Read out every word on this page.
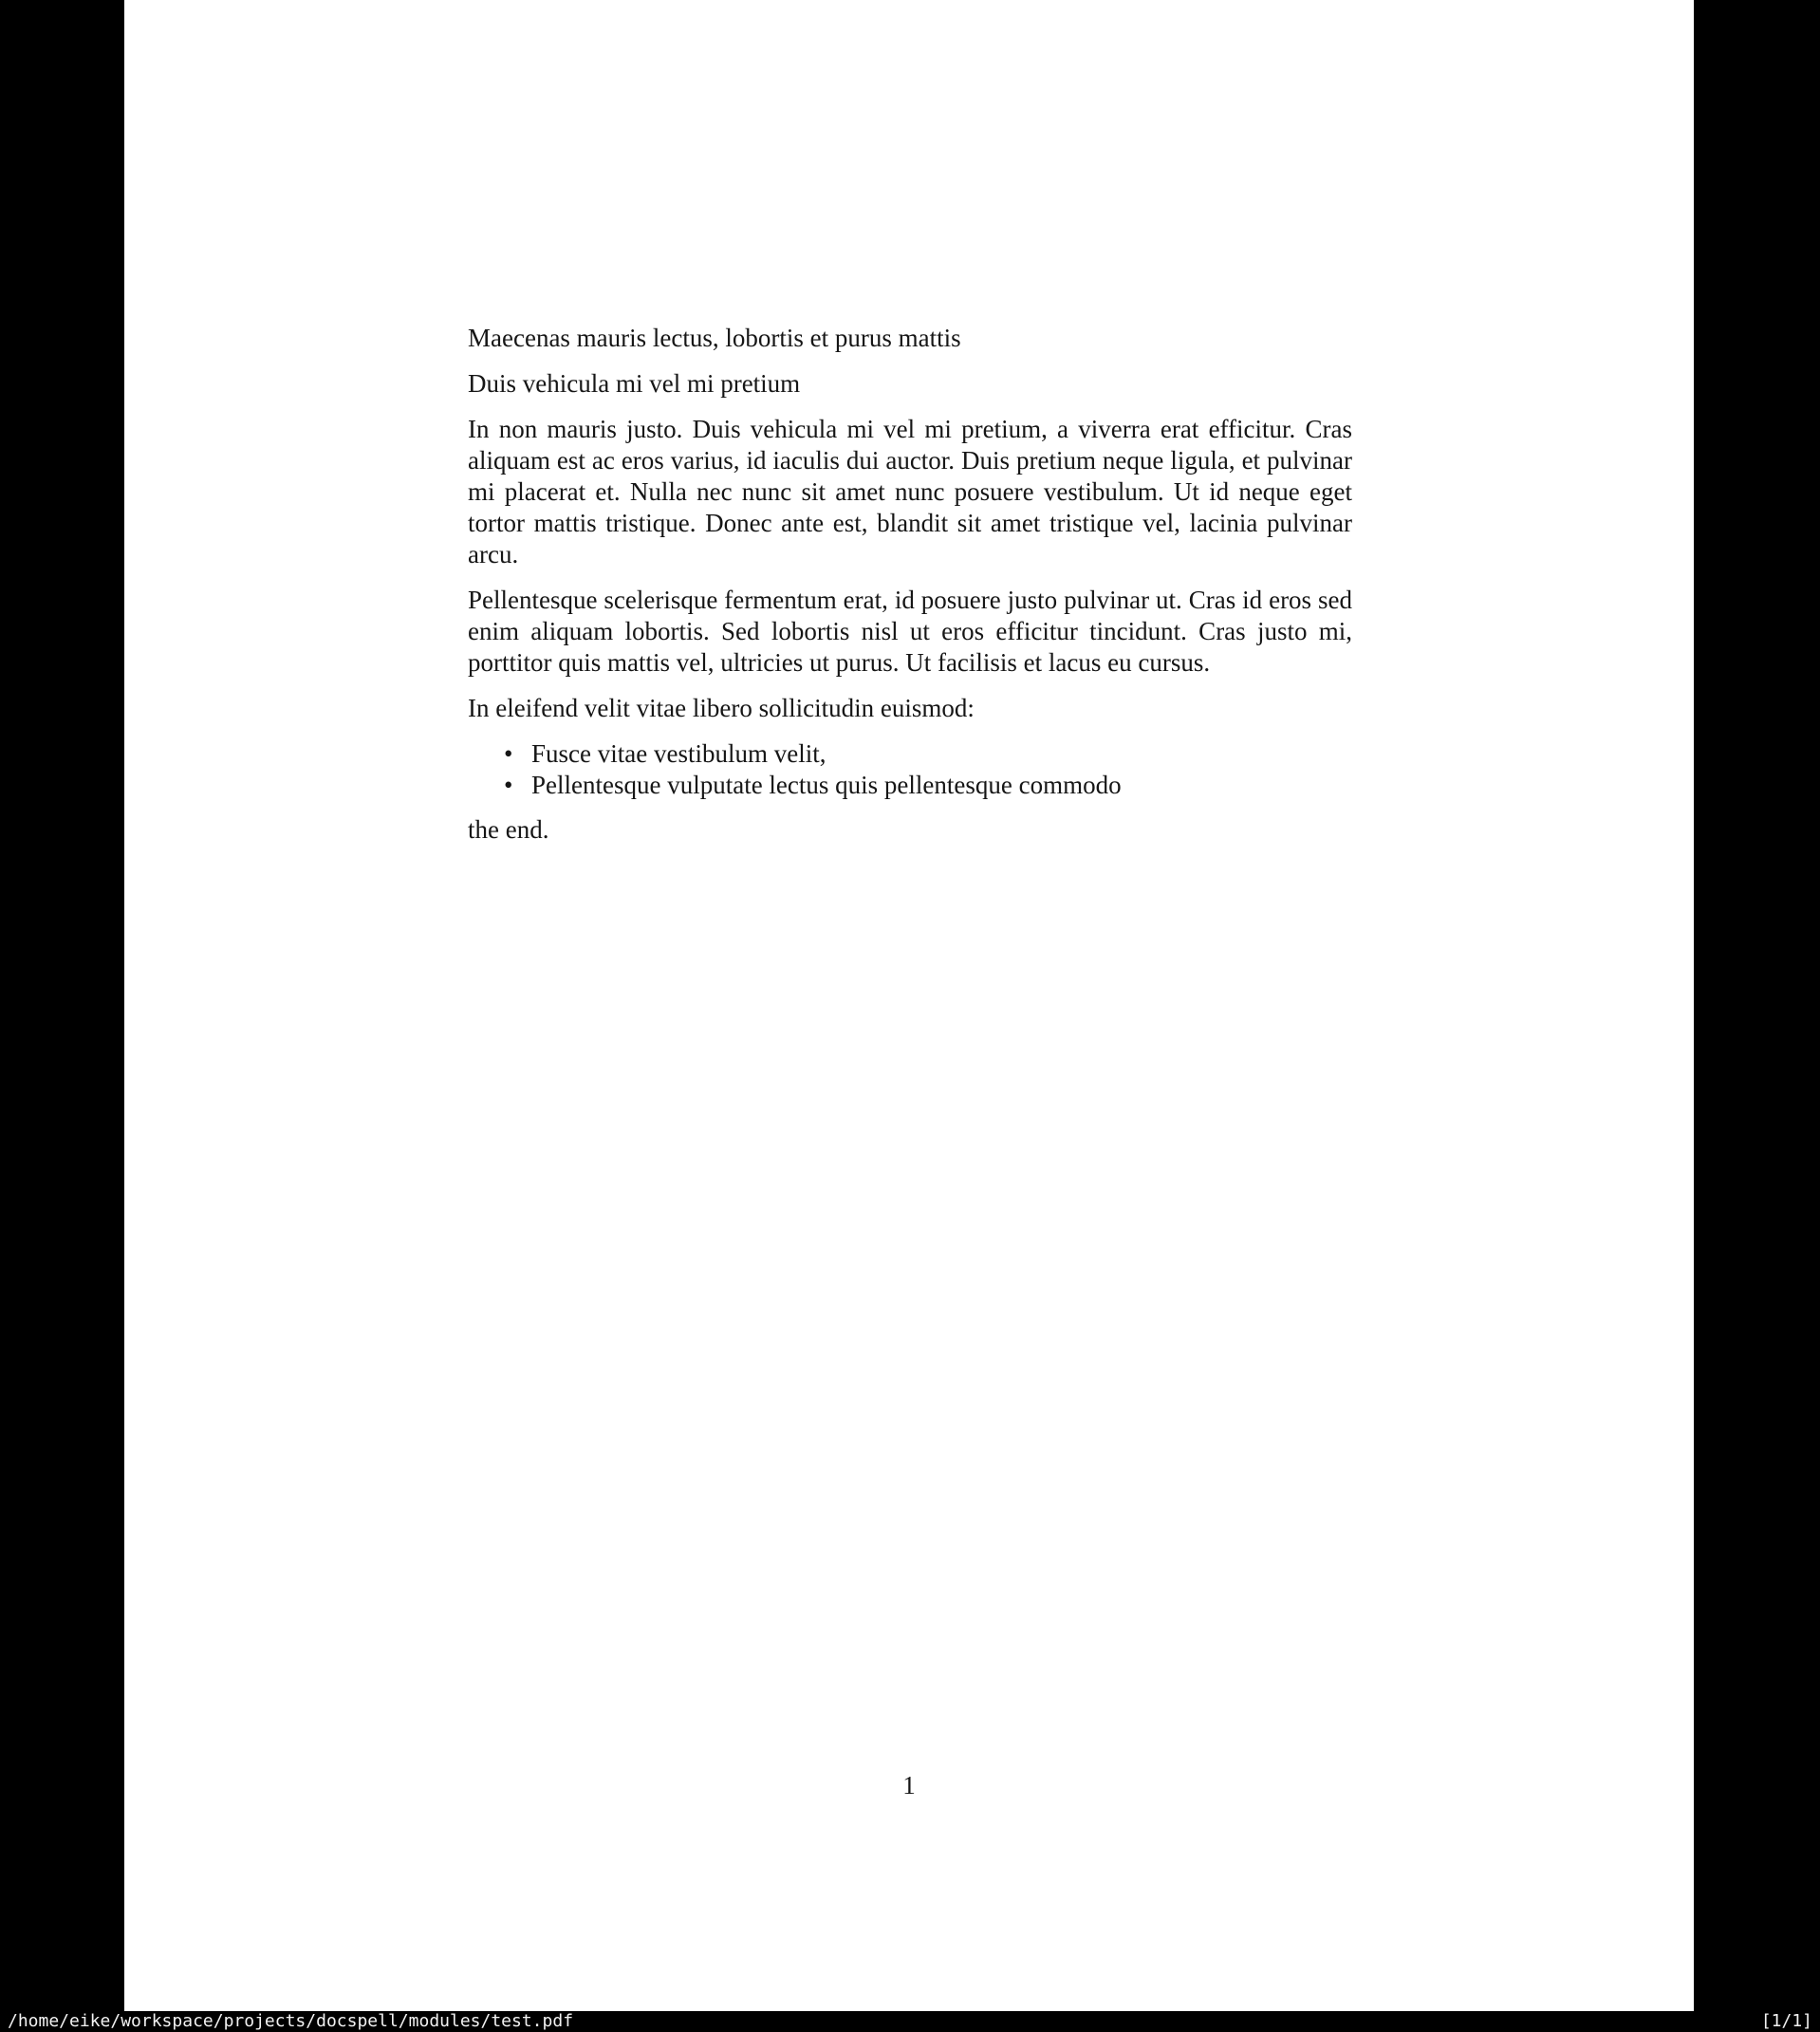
Maecenas mauris lectus, lobortis et purus mattis

Duis vehicula mi vel mi pretium

In non mauris justo. Duis vehicula mi vel mi pretium, a viverra erat efficitur. Cras aliquam est ac eros varius, id iaculis dui auctor. Duis pretium neque ligula, et pulvinar mi placerat et. Nulla nec nunc sit amet nunc posuere vestibulum. Ut id neque eget tortor mattis tristique. Donec ante est, blandit sit amet tristique vel, lacinia pulvinar arcu.

Pellentesque scelerisque fermentum erat, id posuere justo pulvinar ut. Cras id eros sed enim aliquam lobortis. Sed lobortis nisl ut eros efficitur tincidunt. Cras justo mi, porttitor quis mattis vel, ultricies ut purus. Ut facilisis et lacus eu cursus.

In eleifend velit vitae libero sollicitudin euismod:

• Fusce vitae vestibulum velit,
• Pellentesque vulputate lectus quis pellentesque commodo

the end.

1
/home/eike/workspace/projects/docspell/modules/test.pdf	[1/1]
